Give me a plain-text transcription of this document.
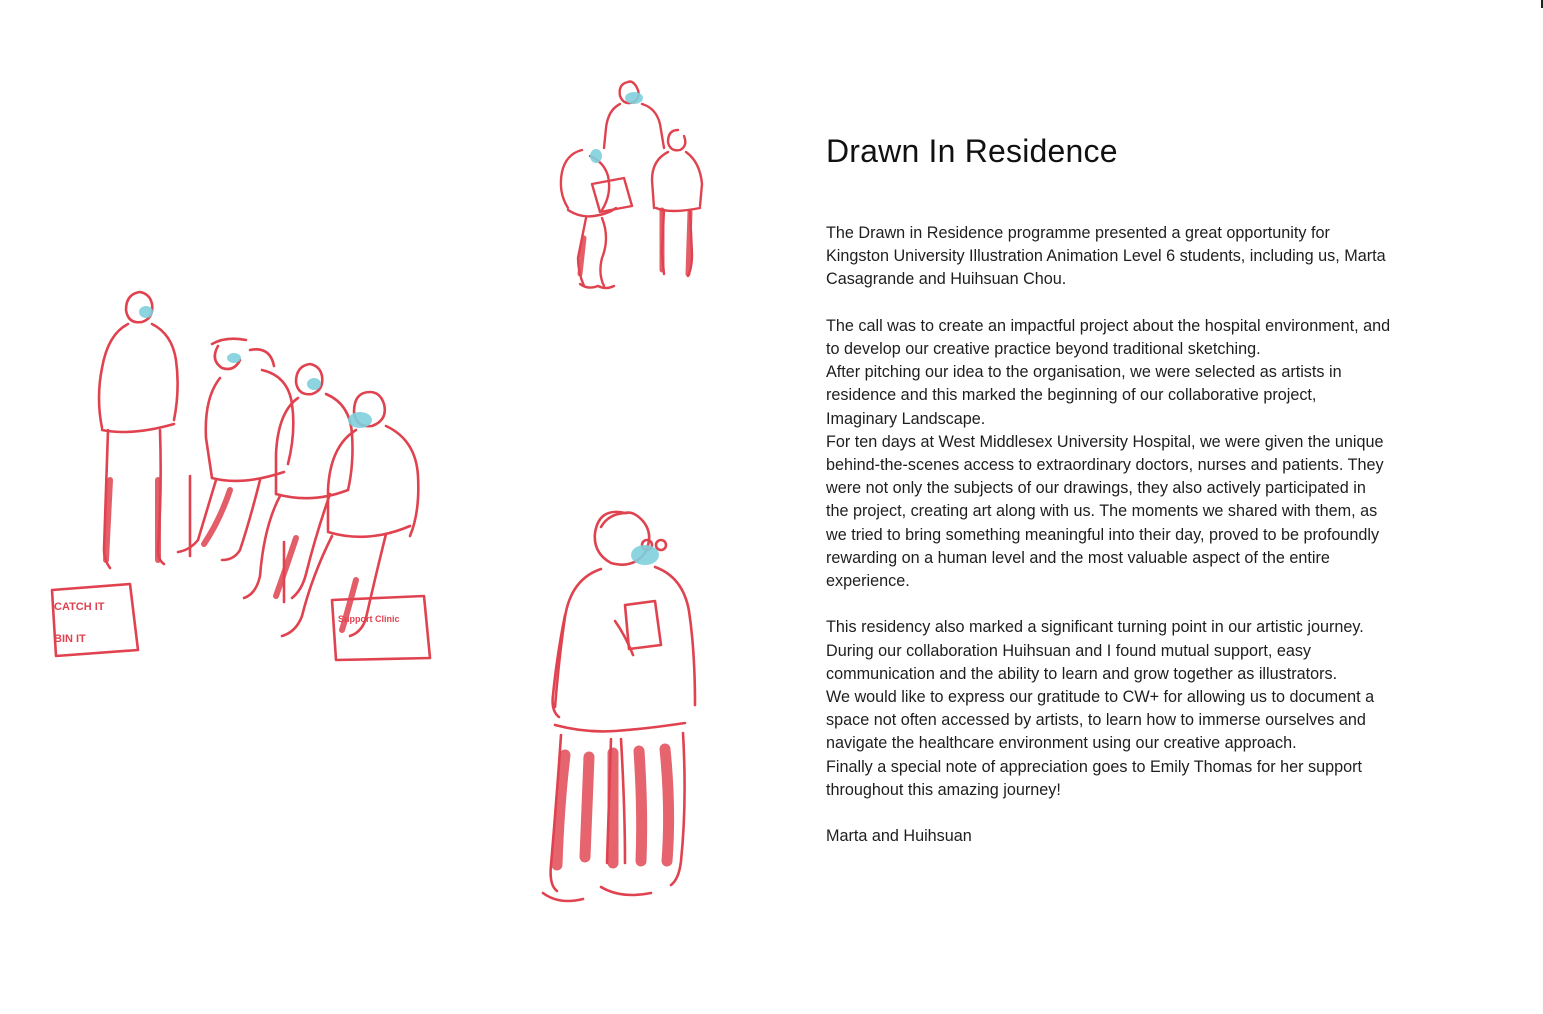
CATCH IT
BIN IT
Support Clinic
Drawn In Residence

The Drawn in Residence programme presented a great opportunity for
Kingston University Illustration Animation Level 6 students, including us, Marta
Casagrande and Huihsuan Chou.

The call was to create an impactful project about the hospital environment, and
to develop our creative practice beyond traditional sketching.
After pitching our idea to the organisation, we were selected as artists in
residence and this marked the beginning of our collaborative project,
Imaginary Landscape.
For ten days at West Middlesex University Hospital, we were given the unique
behind-the-scenes access to extraordinary doctors, nurses and patients. They
were not only the subjects of our drawings, they also actively participated in
the project, creating art along with us. The moments we shared with them, as
we tried to bring something meaningful into their day, proved to be profoundly
rewarding on a human level and the most valuable aspect of the entire
experience.

This residency also marked a significant turning point in our artistic journey.
During our collaboration Huihsuan and I found mutual support, easy
communication and the ability to learn and grow together as illustrators.
We would like to express our gratitude to CW+ for allowing us to document a
space not often accessed by artists, to learn how to immerse ourselves and
navigate the healthcare environment using our creative approach.
Finally a special note of appreciation goes to Emily Thomas for her support
throughout this amazing journey!

Marta and Huihsuan
